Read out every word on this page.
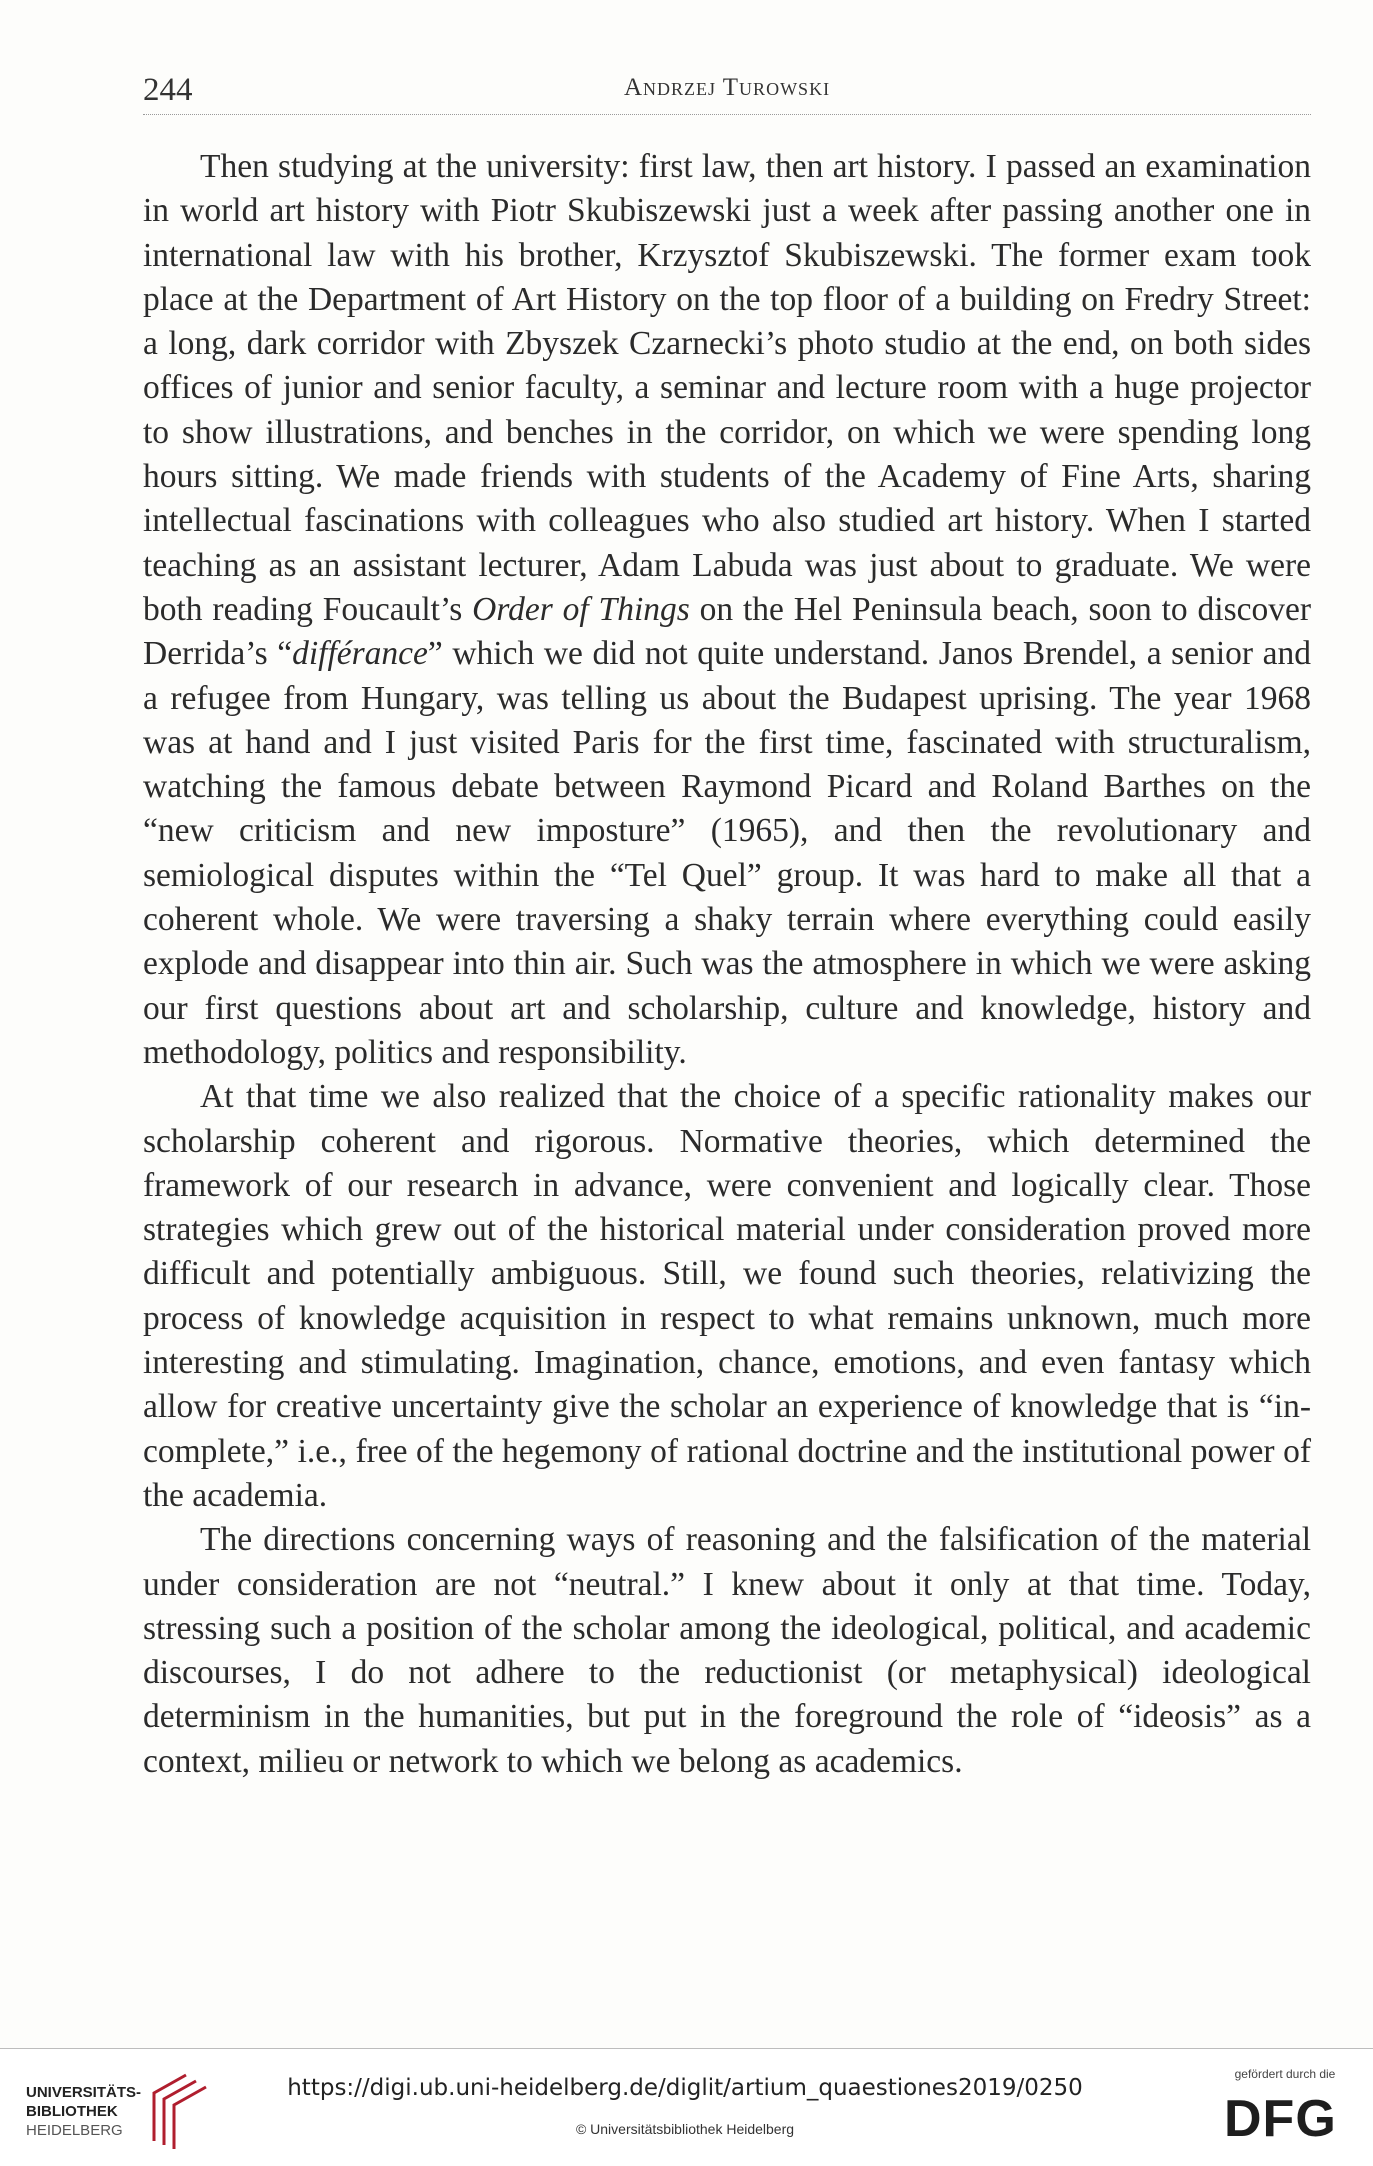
244	Andrzej Turowski

Then studying at the university: first law, then art history. I passed an examination in world art history with Piotr Skubiszewski just a week after passing another one in international law with his brother, Krzysztof Skubiszewski. The former exam took place at the Department of Art History on the top floor of a building on Fredry Street: a long, dark corridor with Zbyszek Czarnecki’s photo studio at the end, on both sides offices of junior and senior faculty, a seminar and lecture room with a huge projector to show illustrations, and benches in the corridor, on which we were spending long hours sitting. We made friends with students of the Academy of Fine Arts, sharing intellectual fascinations with colleagues who also studied art history. When I started teaching as an assistant lecturer, Adam Labuda was just about to graduate. We were both reading Foucault’s Order of Things on the Hel Peninsula beach, soon to discover Derrida’s “différance” which we did not quite understand. Janos Brendel, a senior and a refugee from Hungary, was telling us about the Budapest uprising. The year 1968 was at hand and I just visited Paris for the first time, fascinated with structuralism, watching the famous debate between Raymond Picard and Roland Barthes on the “new criticism and new imposture” (1965), and then the revolutionary and semiological disputes within the “Tel Quel” group. It was hard to make all that a coherent whole. We were traversing a shaky terrain where everything could easily explode and disappear into thin air. Such was the atmosphere in which we were asking our first questions about art and scholarship, culture and knowledge, history and methodology, politics and responsibility.

At that time we also realized that the choice of a specific rationality makes our scholarship coherent and rigorous. Normative theories, which determined the framework of our research in advance, were convenient and logically clear. Those strategies which grew out of the historical material under consideration proved more difficult and potentially ambiguous. Still, we found such theories, relativizing the process of knowledge acquisition in respect to what remains unknown, much more interesting and stimulating. Imagination, chance, emotions, and even fantasy which allow for creative uncertainty give the scholar an experience of knowledge that is “in-complete,” i.e., free of the hegemony of rational doctrine and the institutional power of the academia.

The directions concerning ways of reasoning and the falsification of the material under consideration are not “neutral.” I knew about it only at that time. Today, stressing such a position of the scholar among the ideological, political, and academic discourses, I do not adhere to the reductionist (or metaphysical) ideological determinism in the humanities, but put in the foreground the role of “ideosis” as a context, milieu or network to which we belong as academics.

UNIVERSITÄTS-
BIBLIOTHEK
HEIDELBERG
https://digi.ub.uni-heidelberg.de/diglit/artium_quaestiones2019/0250
© Universitätsbibliothek Heidelberg
gefördert durch die
DFG
